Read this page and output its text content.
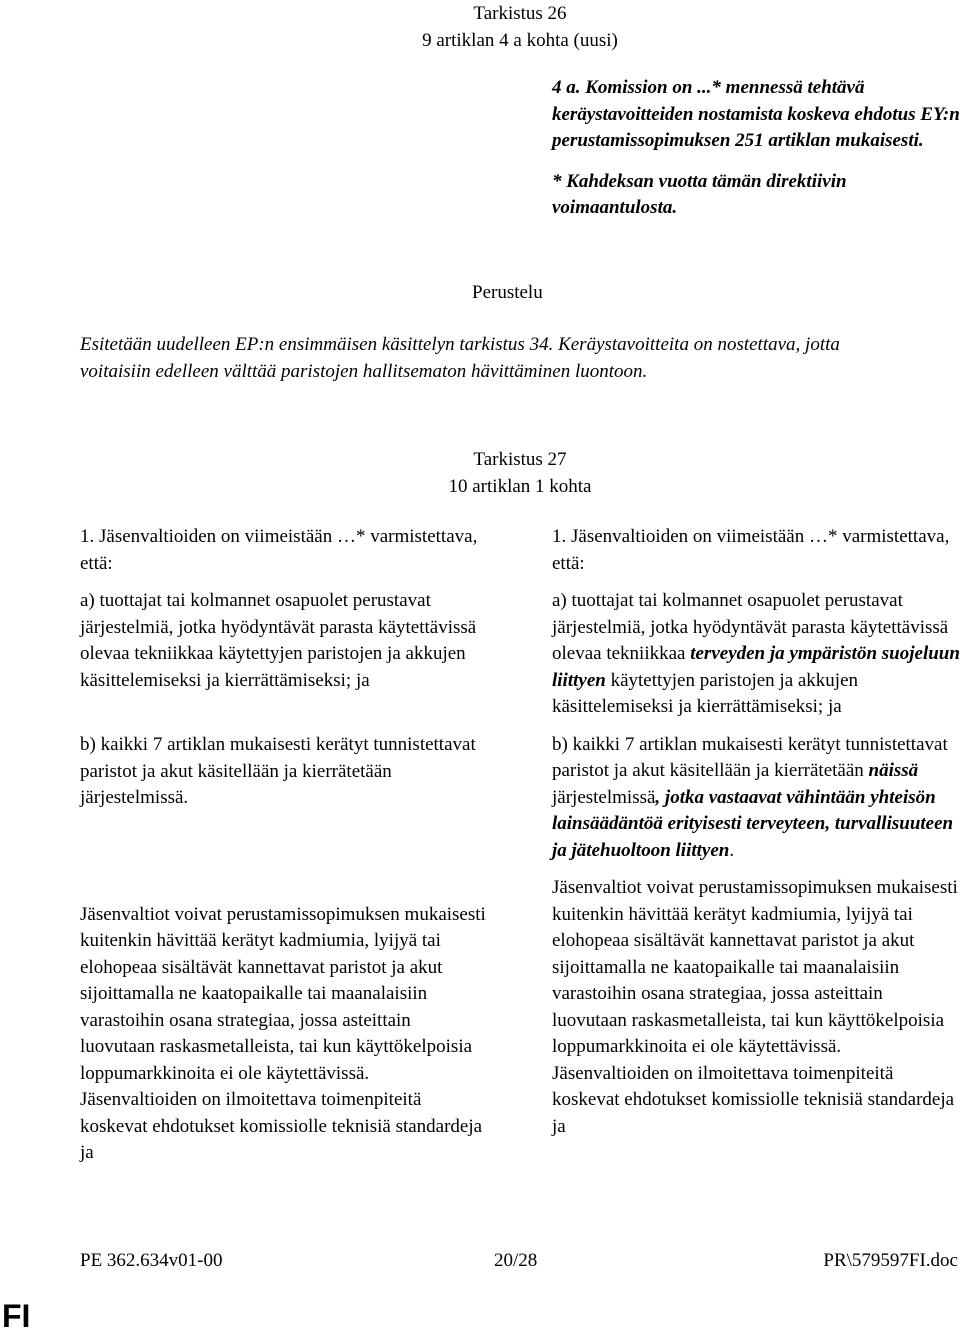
Tarkistus 26
9 artiklan 4 a kohta (uusi)

4 a. Komission on ...* mennessä tehtävä keräystavoitteiden nostamista koskeva ehdotus EY:n perustamissopimuksen 251 artiklan mukaisesti.

* Kahdeksan vuotta tämän direktiivin voimaantulosta.

Perustelu
Esitetään uudelleen EP:n ensimmäisen käsittelyn tarkistus 34. Keräystavoitteita on nostettava, jotta voitaisiin edelleen välttää paristojen hallitsematon hävittäminen luontoon.
Tarkistus 27
10 artiklan 1 kohta

1. Jäsenvaltioiden on viimeistään …* varmistettava, että:

a) tuottajat tai kolmannet osapuolet perustavat järjestelmiä, jotka hyödyntävät parasta käytettävissä olevaa tekniikkaa käytettyjen paristojen ja akkujen käsittelemiseksi ja kierrättämiseksi; ja

b) kaikki 7 artiklan mukaisesti kerätyt tunnistettavat paristot ja akut käsitellään ja kierrätetään järjestelmissä.

Jäsenvaltiot voivat perustamissopimuksen mukaisesti kuitenkin hävittää kerätyt kadmiumia, lyijyä tai elohopeaa sisältävät kannettavat paristot ja akut sijoittamalla ne kaatopaikalle tai maanalaisiin varastoihin osana strategiaa, jossa asteittain luovutaan raskasmetalleista, tai kun käyttökelpoisia loppumarkkinoita ei ole käytettävissä. Jäsenvaltioiden on ilmoitettava toimenpiteitä koskevat ehdotukset komissiolle teknisiä standardeja ja

1. Jäsenvaltioiden on viimeistään …* varmistettava, että:

a) tuottajat tai kolmannet osapuolet perustavat järjestelmiä, jotka hyödyntävät parasta käytettävissä olevaa tekniikkaa terveyden ja ympäristön suojeluun liittyen käytettyjen paristojen ja akkujen käsittelemiseksi ja kierrättämiseksi; ja

b) kaikki 7 artiklan mukaisesti kerätyt tunnistettavat paristot ja akut käsitellään ja kierrätetään näissä järjestelmissä, jotka vastaavat vähintään yhteisön lainsäädäntöä erityisesti terveyteen, turvallisuuteen ja jätehuoltoon liittyen.

Jäsenvaltiot voivat perustamissopimuksen mukaisesti kuitenkin hävittää kerätyt kadmiumia, lyijyä tai elohopeaa sisältävät kannettavat paristot ja akut sijoittamalla ne kaatopaikalle tai maanalaisiin varastoihin osana strategiaa, jossa asteittain luovutaan raskasmetalleista, tai kun käyttökelpoisia loppumarkkinoita ei ole käytettävissä. Jäsenvaltioiden on ilmoitettava toimenpiteitä koskevat ehdotukset komissiolle teknisiä standardeja ja

PE 362.634v01-00	20/28	PR\579597FI.doc
FI
